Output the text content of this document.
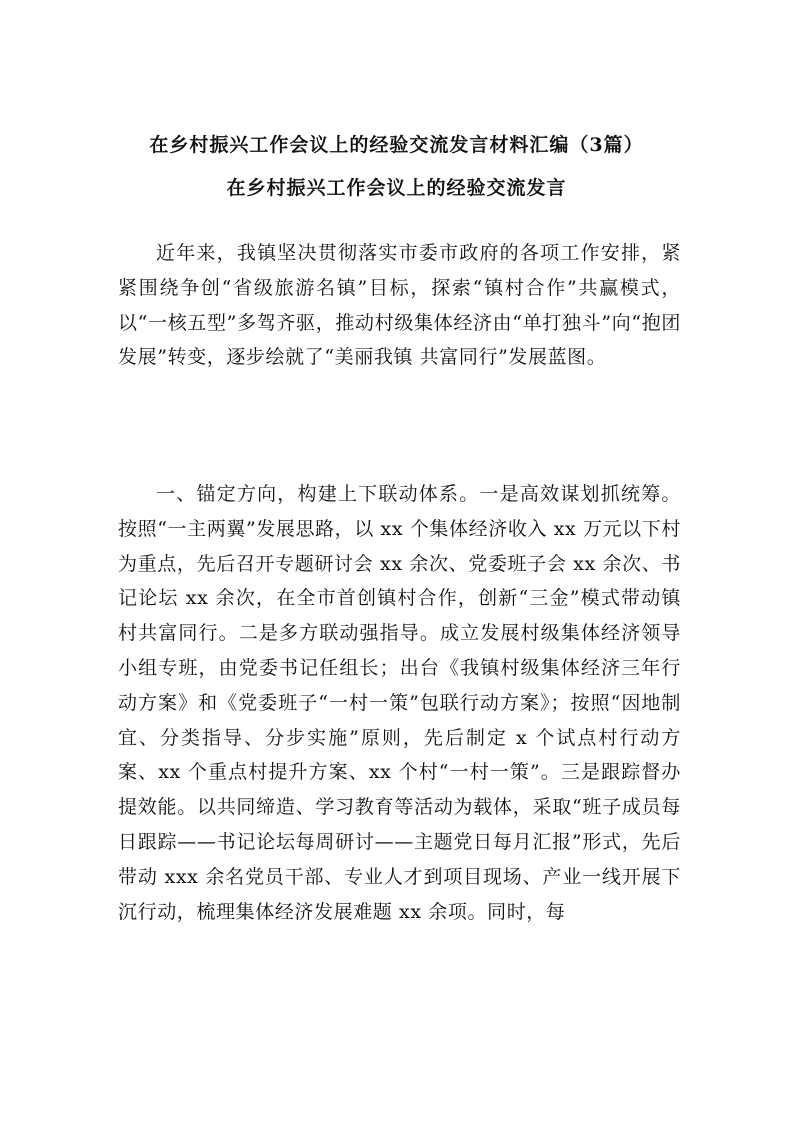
在乡村振兴工作会议上的经验交流发言材料汇编（3篇）
在乡村振兴工作会议上的经验交流发言

近年来，我镇坚决贯彻落实市委市政府的各项工作安排，紧紧围绕争创“省级旅游名镇”目标，探索“镇村合作”共赢模式，以“一核五型”多驾齐驱，推动村级集体经济由“单打独斗”向“抱团发展”转变，逐步绘就了“美丽我镇 共富同行”发展蓝图。

一、锚定方向，构建上下联动体系。一是高效谋划抓统筹。按照“一主两翼”发展思路，以 xx 个集体经济收入 xx 万元以下村为重点，先后召开专题研讨会 xx 余次、党委班子会 xx 余次、书记论坛 xx 余次，在全市首创镇村合作，创新“三金”模式带动镇村共富同行。二是多方联动强指导。成立发展村级集体经济领导小组专班，由党委书记任组长；出台《我镇村级集体经济三年行动方案》和《党委班子“一村一策”包联行动方案》；按照“因地制宜、分类指导、分步实施”原则，先后制定 x 个试点村行动方案、xx 个重点村提升方案、xx 个村“一村一策”。三是跟踪督办提效能。以共同缔造、学习教育等活动为载体，采取“班子成员每日跟踪——书记论坛每周研讨——主题党日每月汇报”形式，先后带动 xxx 余名党员干部、专业人才到项目现场、产业一线开展下沉行动，梳理集体经济发展难题 xx 余项。同时，每
